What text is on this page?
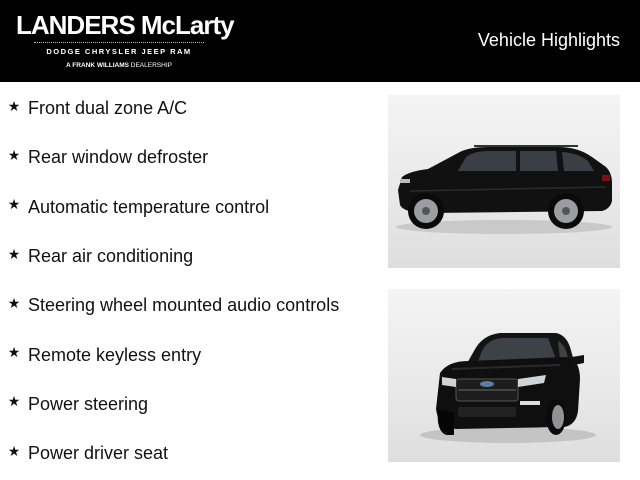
LANDERS McLarty
DODGE CHRYSLER JEEP RAM
A FRANK WILLIAMS DEALERSHIP
Vehicle Highlights
★ Front dual zone A/C
★ Rear window defroster
★ Automatic temperature control
★ Rear air conditioning
★ Steering wheel mounted audio controls
★ Remote keyless entry
★ Power steering
★ Power driver seat
